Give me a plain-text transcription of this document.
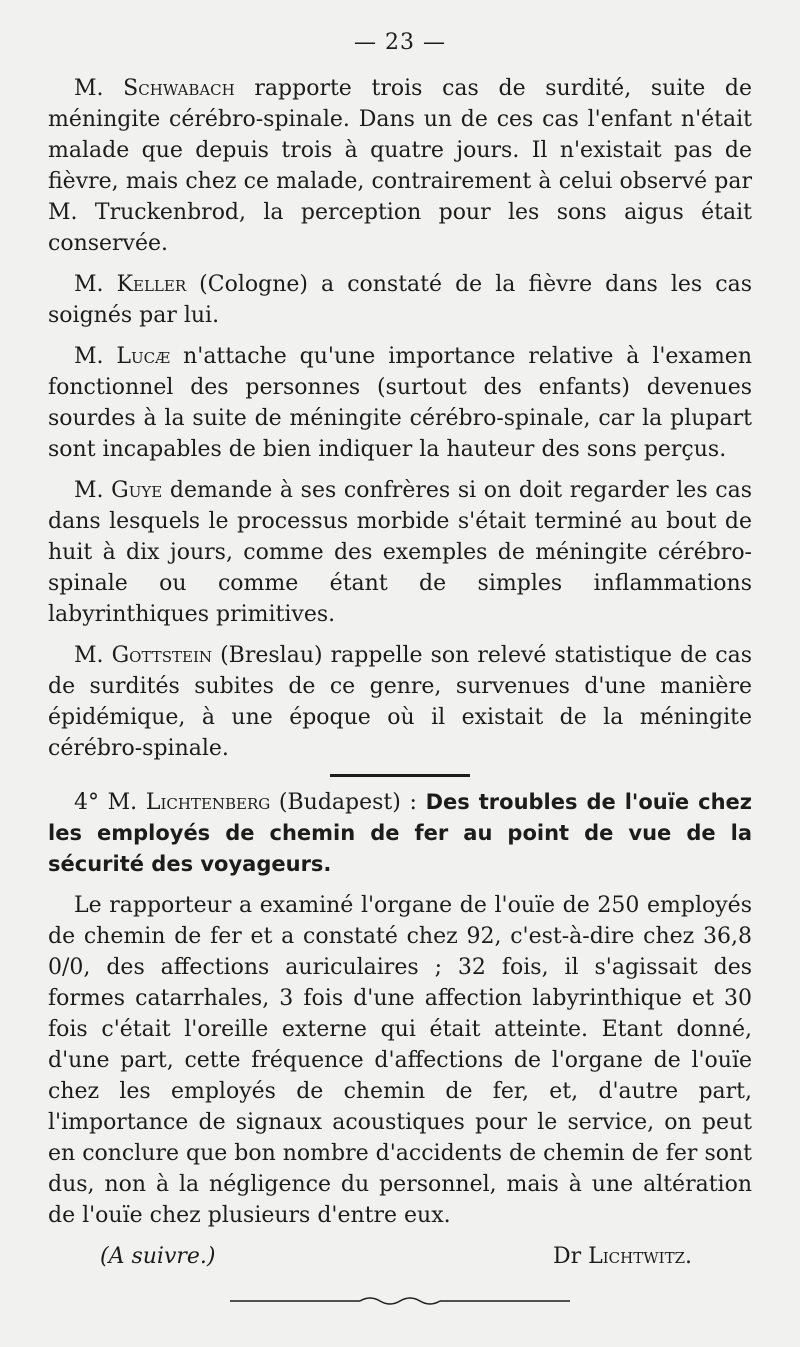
— 23 —

M. Schwabach rapporte trois cas de surdité, suite de méningite cérébro-spinale. Dans un de ces cas l'enfant n'était malade que depuis trois à quatre jours. Il n'existait pas de fièvre, mais chez ce malade, contrairement à celui observé par M. Truckenbrod, la perception pour les sons aigus était conservée.

M. Keller (Cologne) a constaté de la fièvre dans les cas soignés par lui.

M. Lucæ n'attache qu'une importance relative à l'examen fonctionnel des personnes (surtout des enfants) devenues sourdes à la suite de méningite cérébro-spinale, car la plupart sont incapables de bien indiquer la hauteur des sons perçus.

M. Guye demande à ses confrères si on doit regarder les cas dans lesquels le processus morbide s'était terminé au bout de huit à dix jours, comme des exemples de méningite cérébro-spinale ou comme étant de simples inflammations labyrinthiques primitives.

M. Gottstein (Breslau) rappelle son relevé statistique de cas de surdités subites de ce genre, survenues d'une manière épidémique, à une époque où il existait de la méningite cérébro-spinale.

4° M. Lichtenberg (Budapest) : Des troubles de l'ouïe chez les employés de chemin de fer au point de vue de la sécurité des voyageurs.

Le rapporteur a examiné l'organe de l'ouïe de 250 employés de chemin de fer et a constaté chez 92, c'est-à-dire chez 36,8 0/0, des affections auriculaires ; 32 fois, il s'agissait des formes catarrhales, 3 fois d'une affection labyrinthique et 30 fois c'était l'oreille externe qui était atteinte. Etant donné, d'une part, cette fréquence d'affections de l'organe de l'ouïe chez les employés de chemin de fer, et, d'autre part, l'importance de signaux acoustiques pour le service, on peut en conclure que bon nombre d'accidents de chemin de fer sont dus, non à la négligence du personnel, mais à une altération de l'ouïe chez plusieurs d'entre eux.

(A suivre.)	Dr Lichtwitz.
